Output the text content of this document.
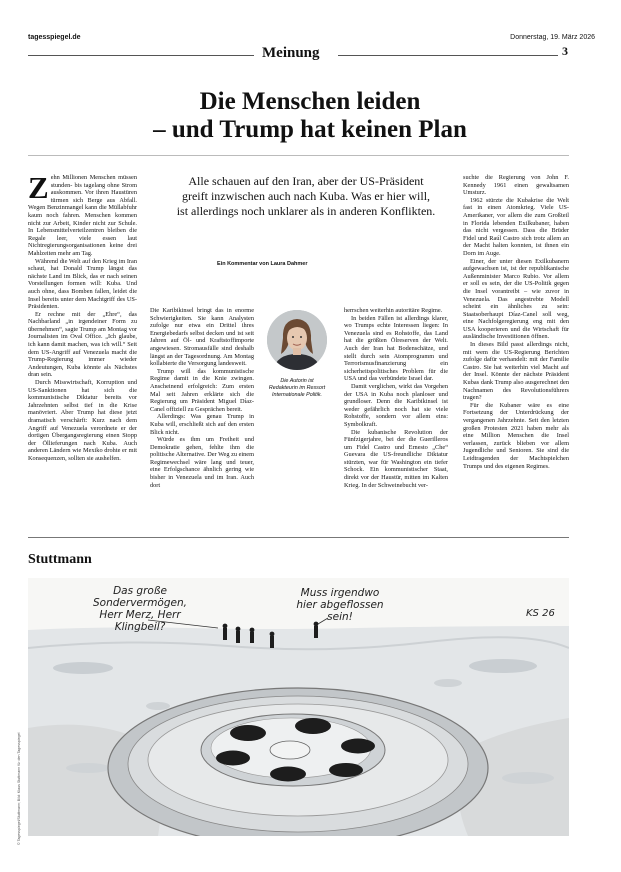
tagesspiegel.de	Donnerstag, 19. März 2026
Meinung	3
Die Menschen leiden
– und Trump hat keinen Plan
Z ehn Millionen Menschen müssen stunden- bis tagelang ohne Strom auskommen. Vor ihren Haustüren türmen sich Berge aus Abfall. Wegen Benzinmangel kann die Müllabfuhr kaum noch fahren. Menschen kommen nicht zur Arbeit, Kinder nicht zur Schule. In Lebensmittelverteilzentren bleiben die Regale leer, viele essen laut Nichtregierungsorganisationen keine drei Mahlzeiten mehr am Tag.

Während die Welt auf den Krieg im Iran schaut, hat Donald Trump längst das nächste Land im Blick, das er nach seinen Vorstellungen formen will: Kuba. Und auch ohne, dass Bomben fallen, leidet die Insel bereits unter dem Machtgriff des US-Präsidenten.

Er rechne mit der „Ehre“, das Nachbarland „in irgendeiner Form zu übernehmen“, sagte Trump am Montag vor Journalisten im Oval Office. „Ich glaube, ich kann damit machen, was ich will.“ Seit dem US-Angriff auf Venezuela macht die Trump-Regierung immer wieder Andeutungen, Kuba könnte als Nächstes dran sein.

Durch Misswirtschaft, Korruption und US-Sanktionen hat sich die kommunistische Diktatur bereits vor Jahrzehnten selbst tief in die Krise manövriert. Aber Trump hat diese jetzt dramatisch verschärft: Kurz nach dem Angriff auf Venezuela verordnete er der dortigen Übergangsregierung einen Stopp der Öllieferungen nach Kuba. Auch anderen Ländern wie Mexiko drohte er mit Konsequenzen, sollten sie aushelfen.

Alle schauen auf den Iran, aber der US-Präsident
greift inzwischen auch nach Kuba. Was er hier will,
ist allerdings noch unklarer als in anderen Konflikten.
Ein Kommentar von Laura Dahmer

Die Karibikinsel bringt das in enorme Schwierigkeiten. Sie kann Analysten zufolge nur etwa ein Drittel ihres Energiebedarfs selbst decken und ist seit Jahren auf Öl- und Kraftstoffimporte angewiesen. Stromausfälle sind deshalb längst an der Tagesordnung. Am Montag kollabierte die Versorgung landesweit.

Trump will das kommunistische Regime damit in die Knie zwingen. Anscheinend erfolgreich: Zum ersten Mal seit Jahren erklärte sich die Regierung um Präsident Miguel Díaz-Canel offiziell zu Gesprächen bereit.

Allerdings: Was genau Trump in Kuba will, erschließt sich auf den ersten Blick nicht.

Würde es ihm um Freiheit und Demokratie gehen, fehlte ihm die politische Alternative. Der Weg zu einem Regimewechsel wäre lang und teuer, eine Erfolgschance ähnlich gering wie bisher in Venezuela und im Iran. Auch dort

Die Autorin ist
Redakteurin im Ressort
Internationale Politik.

herrschen weiterhin autoritäre Regime.

In beiden Fällen ist allerdings klarer, wo Trumps echte Interessen liegen: In Venezuela sind es Rohstoffe, das Land hat die größten Ölreserven der Welt. Auch der Iran hat Bodenschätze, und stellt durch sein Atomprogramm und Terrorismusfinanzierung ein sicherheitspolitisches Problem für die USA und das verbündete Israel dar.

Damit verglichen, wirkt das Vorgehen der USA in Kuba noch planloser und grundloser. Denn die Karibikinsel ist weder gefährlich noch hat sie viele Rohstoffe, sondern vor allem eins: Symbolkraft.

Die kubanische Revolution der Fünfzigerjahre, bei der die Guerilleros um Fidel Castro und Ernesto „Che“ Guevara die US-freundliche Diktatur stürzten, war für Washington ein tiefer Schock. Ein kommunistischer Staat, direkt vor der Haustür, mitten im Kalten Krieg. In der Schweinebucht ver-

suchte die Regierung von John F. Kennedy 1961 einen gewaltsamen Umsturz.

1962 stürzte die Kubakrise die Welt fast in einen Atomkrieg. Viele US-Amerikaner, vor allem die zum Großteil in Florida lebenden Exilkubaner, haben das nicht vergessen. Dass die Brüder Fidel und Raúl Castro sich trotz allem an der Macht halten konnten, ist ihnen ein Dorn im Auge.

Einer, der unter diesen Exilkubanern aufgewachsen ist, ist der republikanische Außenminister Marco Rubio. Vor allem er soll es sein, der die US-Politik gegen die Insel vorantreibt – wie zuvor in Venezuela. Das angestrebte Modell scheint ein ähnliches zu sein: Staatsoberhaupt Díaz-Canel soll weg, eine Nachfolgeregierung eng mit den USA kooperieren und die Wirtschaft für ausländische Investitionen öffnen.

In dieses Bild passt allerdings nicht, mit wem die US-Regierung Berichten zufolge dafür verhandelt: mit der Familie Castro. Sie hat weiterhin viel Macht auf der Insel. Könnte der nächste Präsident Kubas dank Trump also ausgerechnet den Nachnamen des Revolutionsführers tragen?

Für die Kubaner wäre es eine Fortsetzung der Unterdrückung der vergangenen Jahrzehnte. Seit den letzten großen Protesten 2021 haben mehr als eine Million Menschen die Insel verlassen, zurück blieben vor allem Jugendliche und Senioren. Sie sind die Leidtragenden der Machtspielchen Trumps und des eigenen Regimes.

Stuttmann
Das große
Sondervermögen,
Herr Merz, Herr
Klingbeil?
Muss irgendwo
hier abgeflossen
sein!	KS 26
© Tagesspiegel/Stuttmann; Bild: Klaus Stuttmann für den Tagesspiegel
